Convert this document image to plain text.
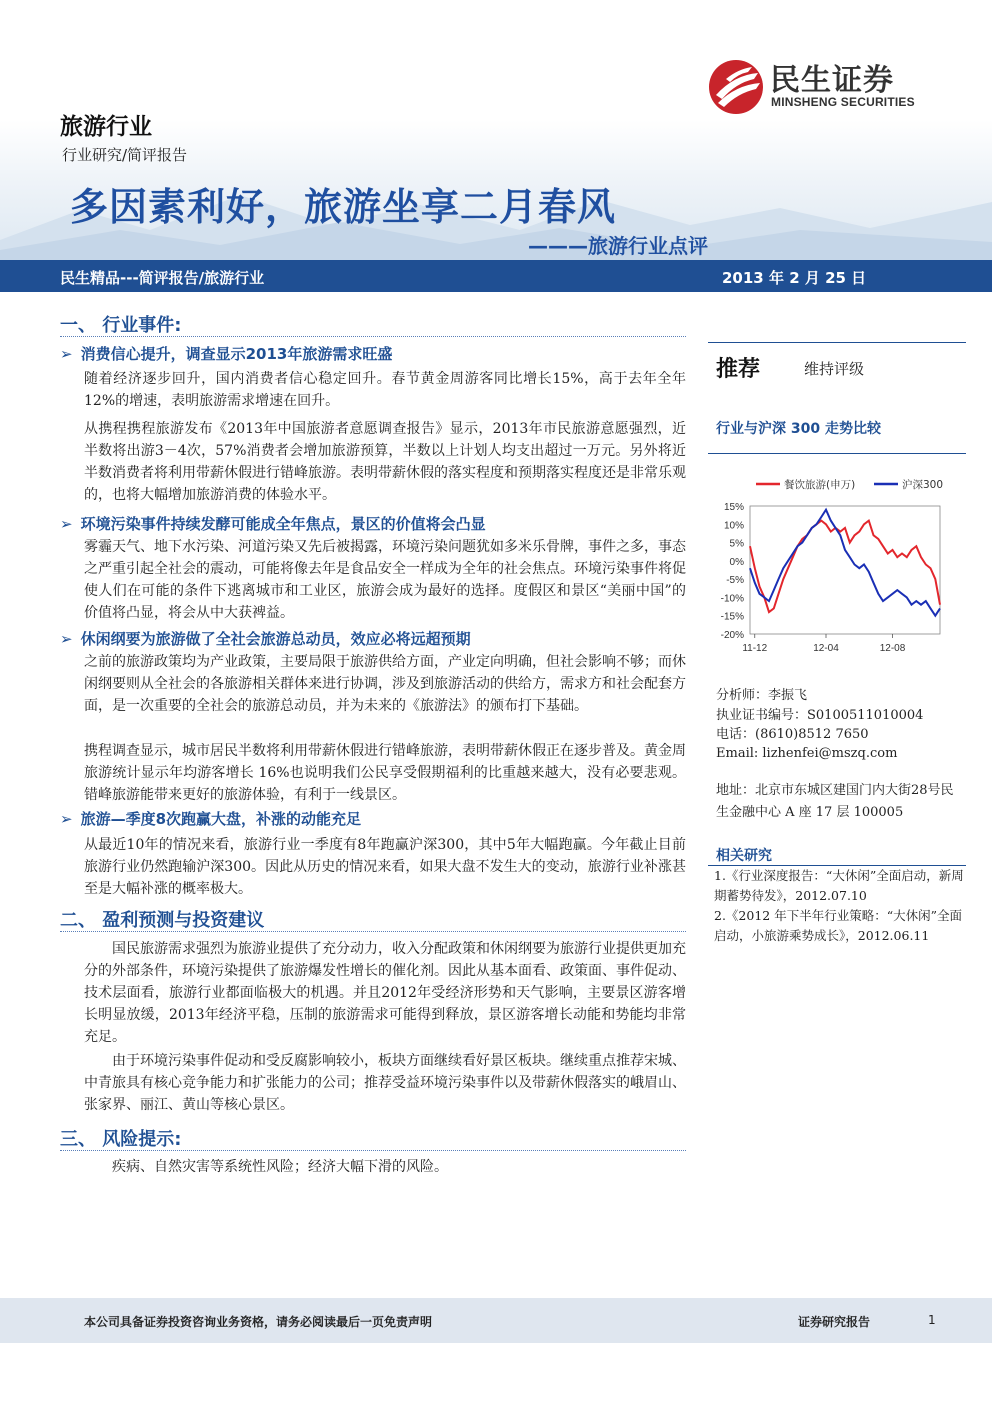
民生证券
MINSHENG SECURITIES
旅游行业
行业研究/简评报告
多因素利好，旅游坐享二月春风
———旅游行业点评
民生精品---简评报告/旅游行业	2013 年 2 月 25 日
一、 行业事件:
➢ 消费信心提升，调查显示2013年旅游需求旺盛
随着经济逐步回升，国内消费者信心稳定回升。春节黄金周游客同比增长15%，高于去年全年12%的增速，表明旅游需求增速在回升。
从携程携程旅游发布《2013年中国旅游者意愿调查报告》显示，2013年市民旅游意愿强烈，近半数将出游3－4次，57%消费者会增加旅游预算，半数以上计划人均支出超过一万元。另外将近半数消费者将利用带薪休假进行错峰旅游。表明带薪休假的落实程度和预期落实程度还是非常乐观的，也将大幅增加旅游消费的体验水平。
➢ 环境污染事件持续发酵可能成全年焦点，景区的价值将会凸显
雾霾天气、地下水污染、河道污染又先后被揭露，环境污染问题犹如多米乐骨牌，事件之多，事态之严重引起全社会的震动，可能将像去年是食品安全一样成为全年的社会焦点。环境污染事件将促使人们在可能的条件下逃离城市和工业区，旅游会成为最好的选择。度假区和景区“美丽中国”的价值将凸显，将会从中大获裨益。
➢ 休闲纲要为旅游做了全社会旅游总动员，效应必将远超预期
之前的旅游政策均为产业政策，主要局限于旅游供给方面，产业定向明确，但社会影响不够；而休闲纲要则从全社会的各旅游相关群体来进行协调，涉及到旅游活动的供给方，需求方和社会配套方面，是一次重要的全社会的旅游总动员，并为未来的《旅游法》的颁布打下基础。
携程调查显示，城市居民半数将利用带薪休假进行错峰旅游，表明带薪休假正在逐步普及。黄金周旅游统计显示年均游客增长 16%也说明我们公民享受假期福利的比重越来越大，没有必要悲观。错峰旅游能带来更好的旅游体验，有利于一线景区。
➢ 旅游—季度8次跑赢大盘，补涨的动能充足
从最近10年的情况来看，旅游行业一季度有8年跑赢沪深300，其中5年大幅跑赢。今年截止目前旅游行业仍然跑输沪深300。因此从历史的情况来看，如果大盘不发生大的变动，旅游行业补涨甚至是大幅补涨的概率极大。
二、 盈利预测与投资建议
国民旅游需求强烈为旅游业提供了充分动力，收入分配政策和休闲纲要为旅游行业提供更加充分的外部条件，环境污染提供了旅游爆发性增长的催化剂。因此从基本面看、政策面、事件促动、技术层面看，旅游行业都面临极大的机遇。并且2012年受经济形势和天气影响，主要景区游客增长明显放缓，2013年经济平稳，压制的旅游需求可能得到释放，景区游客增长动能和势能均非常充足。
由于环境污染事件促动和受反腐影响较小，板块方面继续看好景区板块。继续重点推荐宋城、中青旅具有核心竞争能力和扩张能力的公司；推荐受益环境污染事件以及带薪休假落实的峨眉山、张家界、丽江、黄山等核心景区。
三、 风险提示:
疾病、自然灾害等系统性风险；经济大幅下滑的风险。
推荐	维持评级
行业与沪深 300 走势比较
餐饮旅游(申万)	沪深300
15%
10%
5%
0%
-5%
-10%
-15%
-20%
11-12	12-04	12-08
分析师：李振飞
执业证书编号：S0100511010004
电话：(8610)8512 7650
Email: lizhenfei@mszq.com
地址：北京市东城区建国门内大街28号民生金融中心 A 座 17 层 100005
相关研究
1.《行业深度报告：“大休闲”全面启动，新周期蓄势待发》，2012.07.10
2.《2012 年下半年行业策略：“大休闲”全面启动，小旅游乘势成长》，2012.06.11
本公司具备证券投资咨询业务资格，请务必阅读最后一页免责声明	证券研究报告	1
